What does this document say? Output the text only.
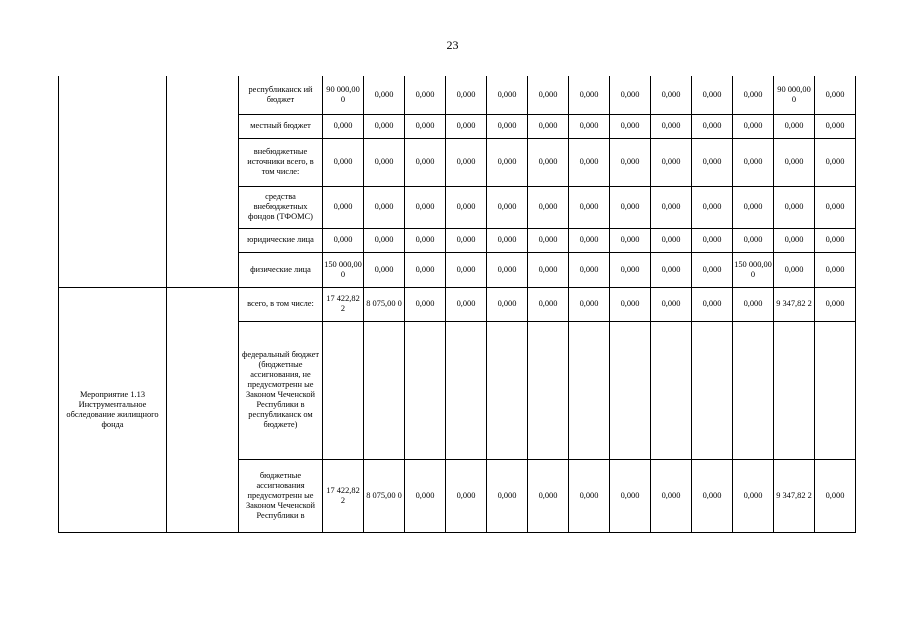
23
		республиканск ий бюджет	90 000,00 0	0,000	0,000	0,000	0,000	0,000	0,000	0,000	0,000	0,000	0,000	90 000,00 0	0,000
		местный бюджет	0,000	0,000	0,000	0,000	0,000	0,000	0,000	0,000	0,000	0,000	0,000	0,000	0,000
		внебюджетные источники всего, в том числе:	0,000	0,000	0,000	0,000	0,000	0,000	0,000	0,000	0,000	0,000	0,000	0,000	0,000
		средства внебюджетных фондов (ТФОМС)	0,000	0,000	0,000	0,000	0,000	0,000	0,000	0,000	0,000	0,000	0,000	0,000	0,000
		юридические лица	0,000	0,000	0,000	0,000	0,000	0,000	0,000	0,000	0,000	0,000	0,000	0,000	0,000
		физические лица	150 000,00 0	0,000	0,000	0,000	0,000	0,000	0,000	0,000	0,000	0,000	150 000,00 0	0,000	0,000
Мероприятие 1.13 Инструментальное обследование жилищного фонда		всего, в том числе:	17 422,82 2	8 075,00 0	0,000	0,000	0,000	0,000	0,000	0,000	0,000	0,000	0,000	9 347,82 2	0,000
		федеральный бюджет (бюджетные ассигнования, не предусмотренн ые Законом Чеченской Республики в республиканск ом бюджете)													
		бюджетные ассигнования предусмотренн ые Законом Чеченской Республики в	17 422,82 2	8 075,00 0	0,000	0,000	0,000	0,000	0,000	0,000	0,000	0,000	0,000	9 347,82 2	0,000
